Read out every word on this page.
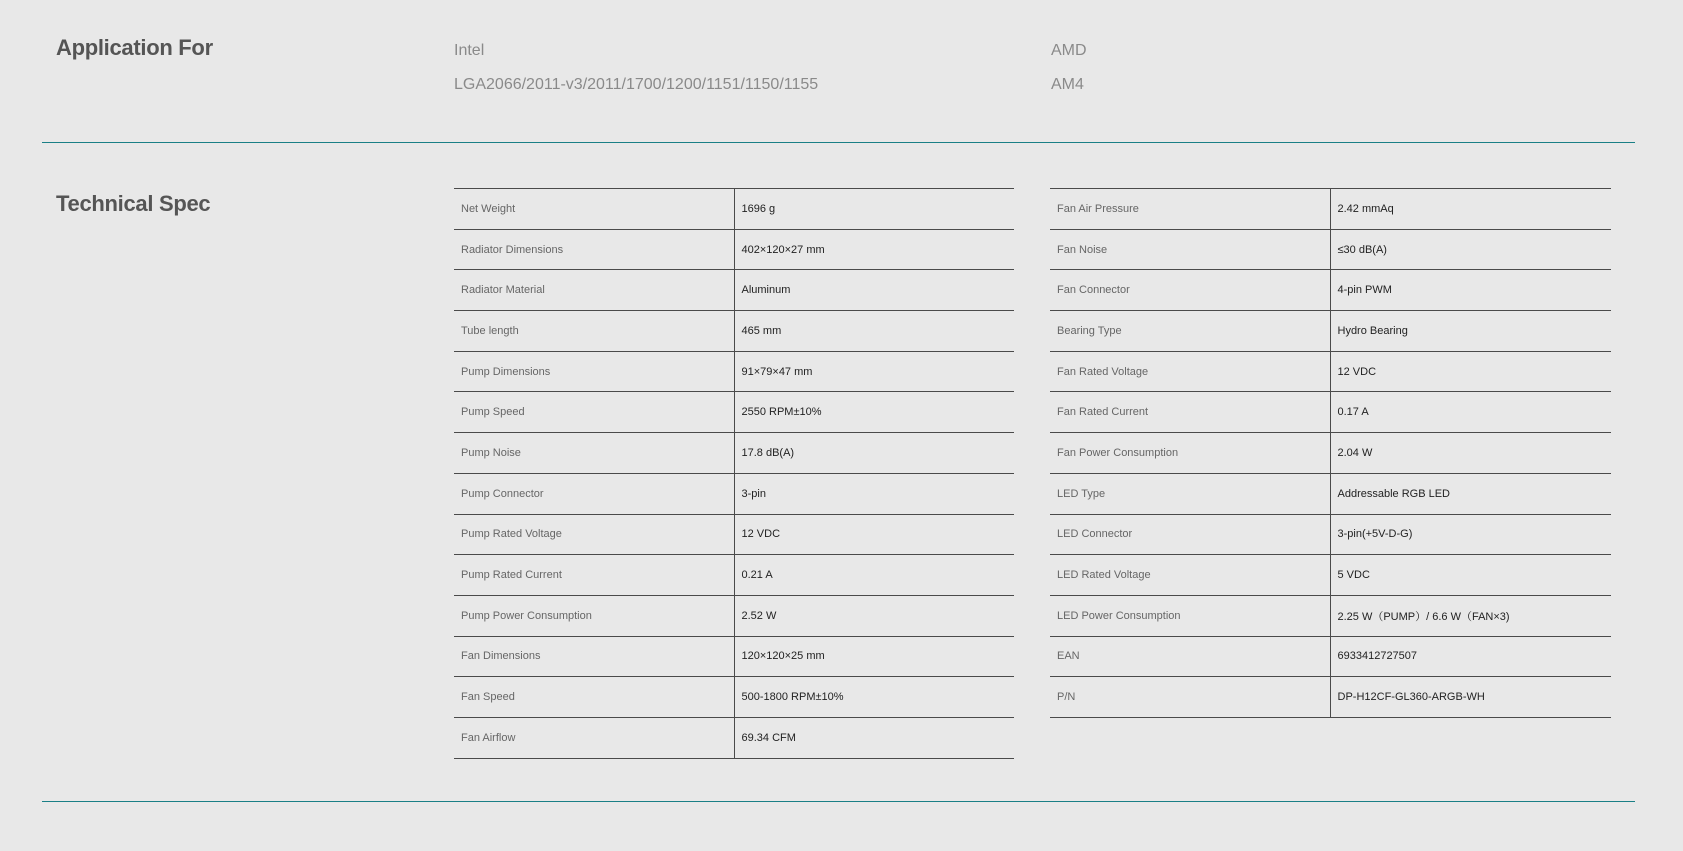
Application For	Intel
LGA2066/2011-v3/2011/1700/1200/1151/1150/1155
AMD
AM4
Technical Spec	Net Weight	1696 g
Radiator Dimensions	402×120×27 mm
Radiator Material	Aluminum
Tube length	465 mm
Pump Dimensions	91×79×47 mm
Pump Speed	2550 RPM±10%
Pump Noise	17.8 dB(A)
Pump Connector	3-pin
Pump Rated Voltage	12 VDC
Pump Rated Current	0.21 A
Pump Power Consumption	2.52 W
Fan Dimensions	120×120×25 mm
Fan Speed	500-1800 RPM±10%
Fan Airflow	69.34 CFM
Fan Air Pressure	2.42 mmAq
Fan Noise	≤30 dB(A)
Fan Connector	4-pin PWM
Bearing Type	Hydro Bearing
Fan Rated Voltage	12 VDC
Fan Rated Current	0.17 A
Fan Power Consumption	2.04 W
LED Type	Addressable RGB LED
LED Connector	3-pin(+5V-D-G)
LED Rated Voltage	5 VDC
LED Power Consumption	2.25 W（PUMP）/ 6.6 W（FAN×3)
EAN	6933412727507
P/N	DP-H12CF-GL360-ARGB-WH
